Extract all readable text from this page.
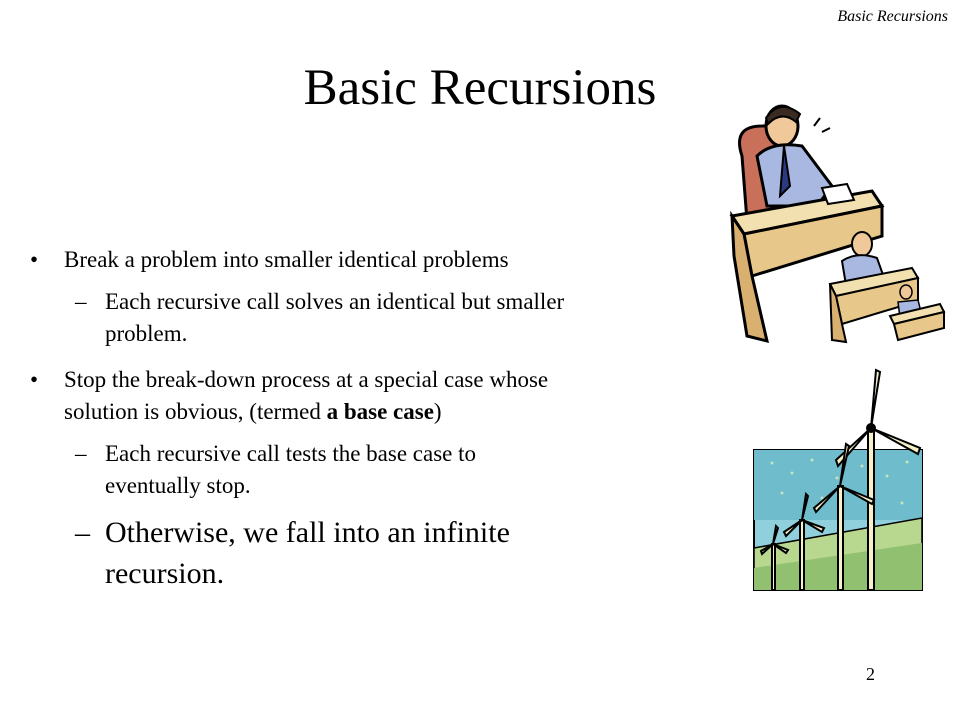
Basic Recursions
Basic Recursions
• Break a problem into smaller identical problems
– Each recursive call solves an identical but smaller
problem.
• Stop the break-down process at a special case whose
solution is obvious, (termed a base case)
– Each recursive call tests the base case to
eventually stop.
– Otherwise, we fall into an infinite
recursion.
2
